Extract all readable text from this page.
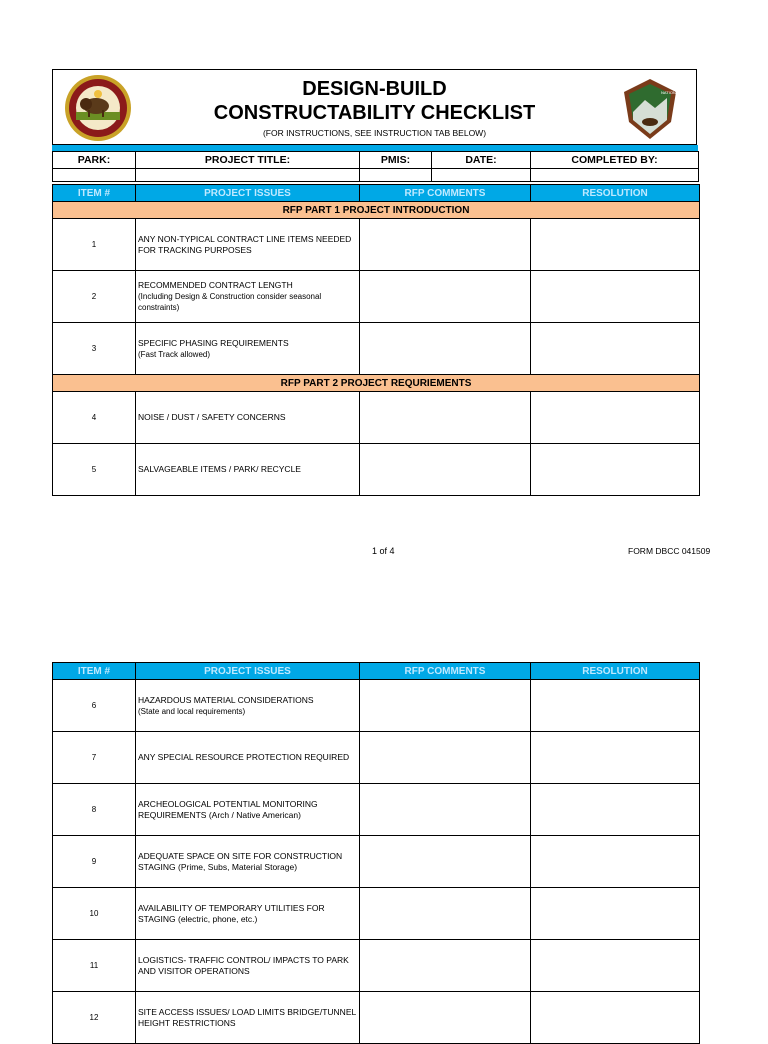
DESIGN-BUILD
CONSTRUCTABILITY CHECKLIST
(FOR INSTRUCTIONS, SEE INSTRUCTION TAB BELOW)
NATIONAL
PARK:	PROJECT TITLE:	PMIS:	DATE:	COMPLETED BY:

ITEM #	PROJECT ISSUES	RFP COMMENTS	RESOLUTION
RFP PART 1 PROJECT INTRODUCTION			
1	ANY NON-TYPICAL CONTRACT LINE ITEMS NEEDED FOR TRACKING PURPOSES

2	RECOMMENDED CONTRACT LENGTH
(Including Design & Construction consider seasonal constraints)		

3	SPECIFIC PHASING REQUIREMENTS
(Fast Track allowed)		

RFP PART 2 PROJECT REQURIEMENTS			
4	NOISE / DUST / SAFETY CONCERNS

5	SALVAGEABLE ITEMS / PARK/ RECYCLE

1 of 4	FORM DBCC 041509
ITEM #	PROJECT ISSUES	RFP COMMENTS	RESOLUTION
6	HAZARDOUS MATERIAL CONSIDERATIONS
(State and local requirements)		

7	ANY SPECIAL RESOURCE PROTECTION REQUIRED

8	ARCHEOLOGICAL POTENTIAL MONITORING REQUIREMENTS (Arch / Native American)

9	ADEQUATE SPACE ON SITE FOR CONSTRUCTION STAGING (Prime, Subs, Material Storage)

10	AVAILABILITY OF TEMPORARY UTILITIES FOR STAGING (electric, phone, etc.)

11	LOGISTICS- TRAFFIC CONTROL/ IMPACTS TO PARK AND VISITOR OPERATIONS

12	SITE ACCESS ISSUES/ LOAD LIMITS BRIDGE/TUNNEL HEIGHT RESTRICTIONS
